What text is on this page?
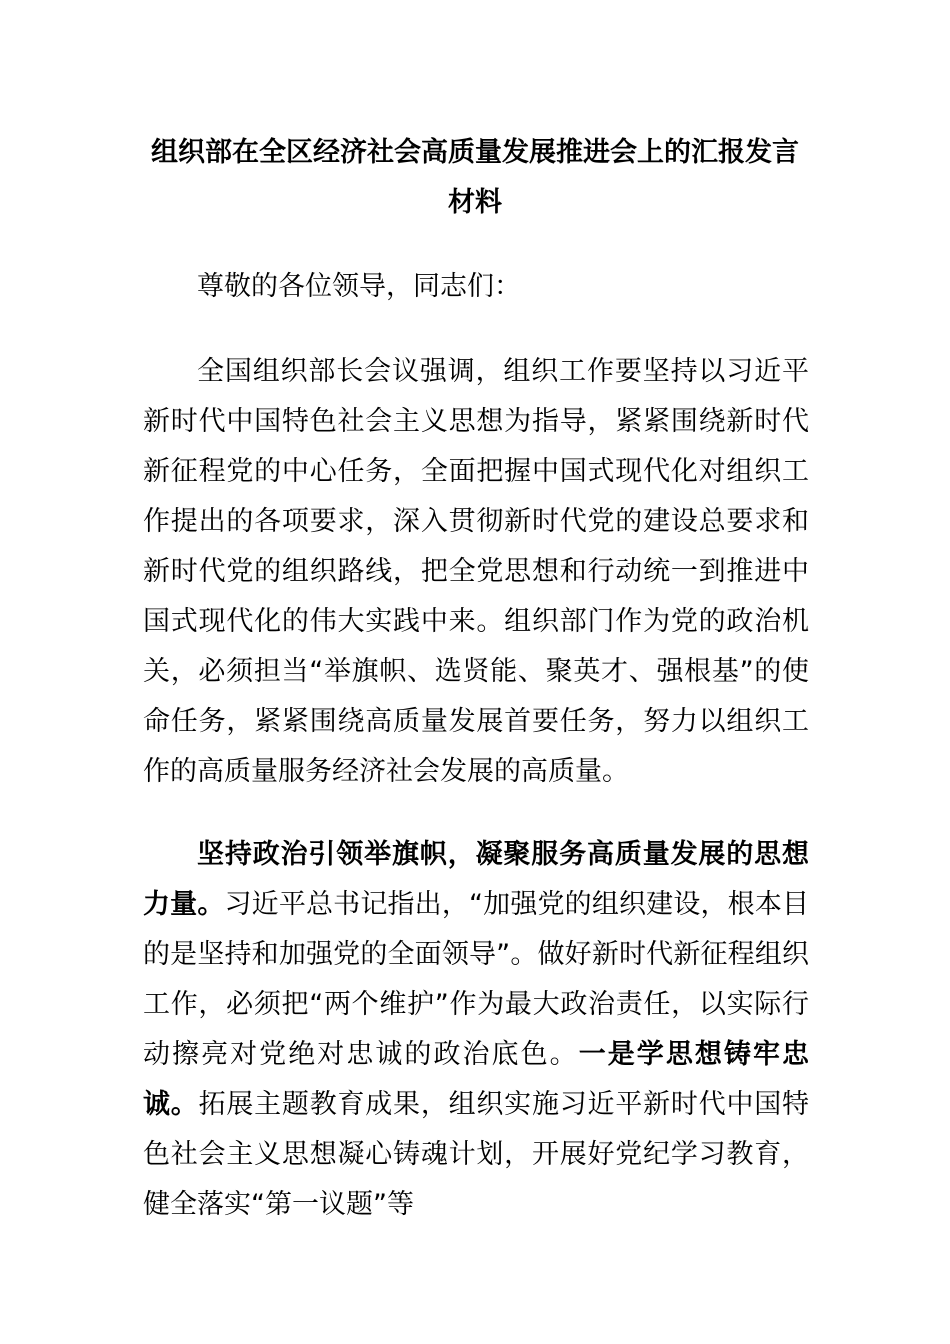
组织部在全区经济社会高质量发展推进会上的汇报发言材料
尊敬的各位领导，同志们：
全国组织部长会议强调，组织工作要坚持以习近平新时代中国特色社会主义思想为指导，紧紧围绕新时代新征程党的中心任务，全面把握中国式现代化对组织工作提出的各项要求，深入贯彻新时代党的建设总要求和新时代党的组织路线，把全党思想和行动统一到推进中国式现代化的伟大实践中来。组织部门作为党的政治机关，必须担当“举旗帜、选贤能、聚英才、强根基”的使命任务，紧紧围绕高质量发展首要任务，努力以组织工作的高质量服务经济社会发展的高质量。
坚持政治引领举旗帜，凝聚服务高质量发展的思想力量。习近平总书记指出，“加强党的组织建设，根本目的是坚持和加强党的全面领导”。做好新时代新征程组织工作，必须把“两个维护”作为最大政治责任，以实际行动擦亮对党绝对忠诚的政治底色。一是学思想铸牢忠诚。拓展主题教育成果，组织实施习近平新时代中国特色社会主义思想凝心铸魂计划，开展好党纪学习教育，健全落实“第一议题”等
